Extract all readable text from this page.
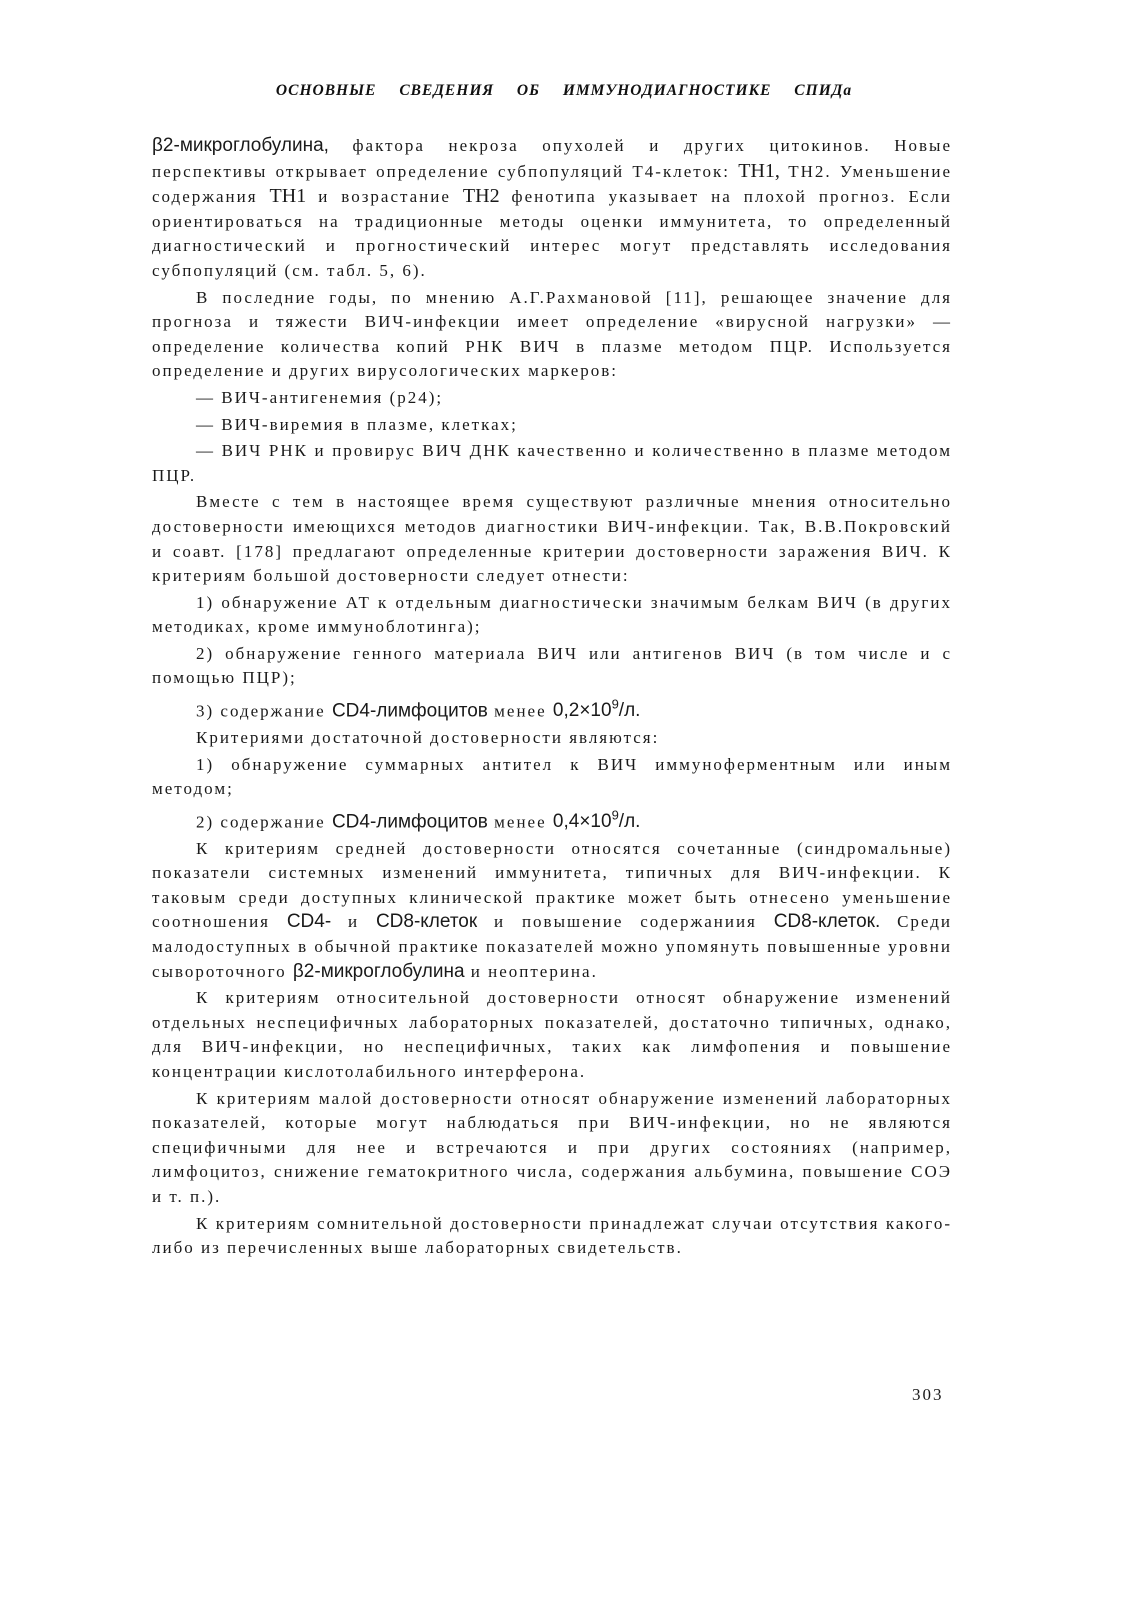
ОСНОВНЫЕ СВЕДЕНИЯ ОБ ИММУНОДИАГНОСТИКЕ СПИДа

β2-микроглобулина, фактора некроза опухолей и других цитокинов. Новые перспективы открывает определение субпопуляций Т4-клеток: ТН1, ТН2. Уменьшение содержания ТН1 и возрастание ТН2 фенотипа указывает на плохой прогноз. Если ориентироваться на традиционные методы оценки иммунитета, то определенный диагностический и прогностический интерес могут представлять исследования субпопуляций (см. табл. 5, 6).

В последние годы, по мнению А.Г.Рахмановой [11], решающее значение для прогноза и тяжести ВИЧ-инфекции имеет определение «вирусной нагрузки» — определение количества копий РНК ВИЧ в плазме методом ПЦР. Используется определение и других вирусологических маркеров:

— ВИЧ-антигенемия (р24);

— ВИЧ-виремия в плазме, клетках;

— ВИЧ РНК и провирус ВИЧ ДНК качественно и количественно в плазме методом ПЦР.

Вместе с тем в настоящее время существуют различные мнения относительно достоверности имеющихся методов диагностики ВИЧ-инфекции. Так, В.В.Покровский и соавт. [178] предлагают определенные критерии достоверности заражения ВИЧ. К критериям большой достоверности следует отнести:

1) обнаружение АТ к отдельным диагностически значимым белкам ВИЧ (в других методиках, кроме иммуноблотинга);

2) обнаружение генного материала ВИЧ или антигенов ВИЧ (в том числе и с помощью ПЦР);

3) содержание CD4-лимфоцитов менее $0,2\times 10^9/л$.

Критериями достаточной достоверности являются:

1) обнаружение суммарных антител к ВИЧ иммуноферментным или иным методом;

2) содержание CD4-лимфоцитов менее $0,4\times 10^9/л$.

К критериям средней достоверности относятся сочетанные (синдромальные) показатели системных изменений иммунитета, типичных для ВИЧ-инфекции. К таковым среди доступных клинической практике может быть отнесено уменьшение соотношения CD4- и CD8-клеток и повышение содержаниия CD8-клеток. Среди малодоступных в обычной практике показателей можно упомянуть повышенные уровни сывороточного β2-микроглобулина и неоптерина.

К критериям относительной достоверности относят обнаружение изменений отдельных неспецифичных лабораторных показателей, достаточно типичных, однако, для ВИЧ-инфекции, но неспецифичных, таких как лимфопения и повышение концентрации кислотолабильного интерферона.

К критериям малой достоверности относят обнаружение изменений лабораторных показателей, которые могут наблюдаться при ВИЧ-инфекции, но не являются специфичными для нее и встречаются и при других состояниях (например, лимфоцитоз, снижение гематокритного числа, содержания альбумина, повышение СОЭ и т. п.).

К критериям сомнительной достоверности принадлежат случаи отсутствия какого-либо из перечисленных выше лабораторных свидетельств.

303
